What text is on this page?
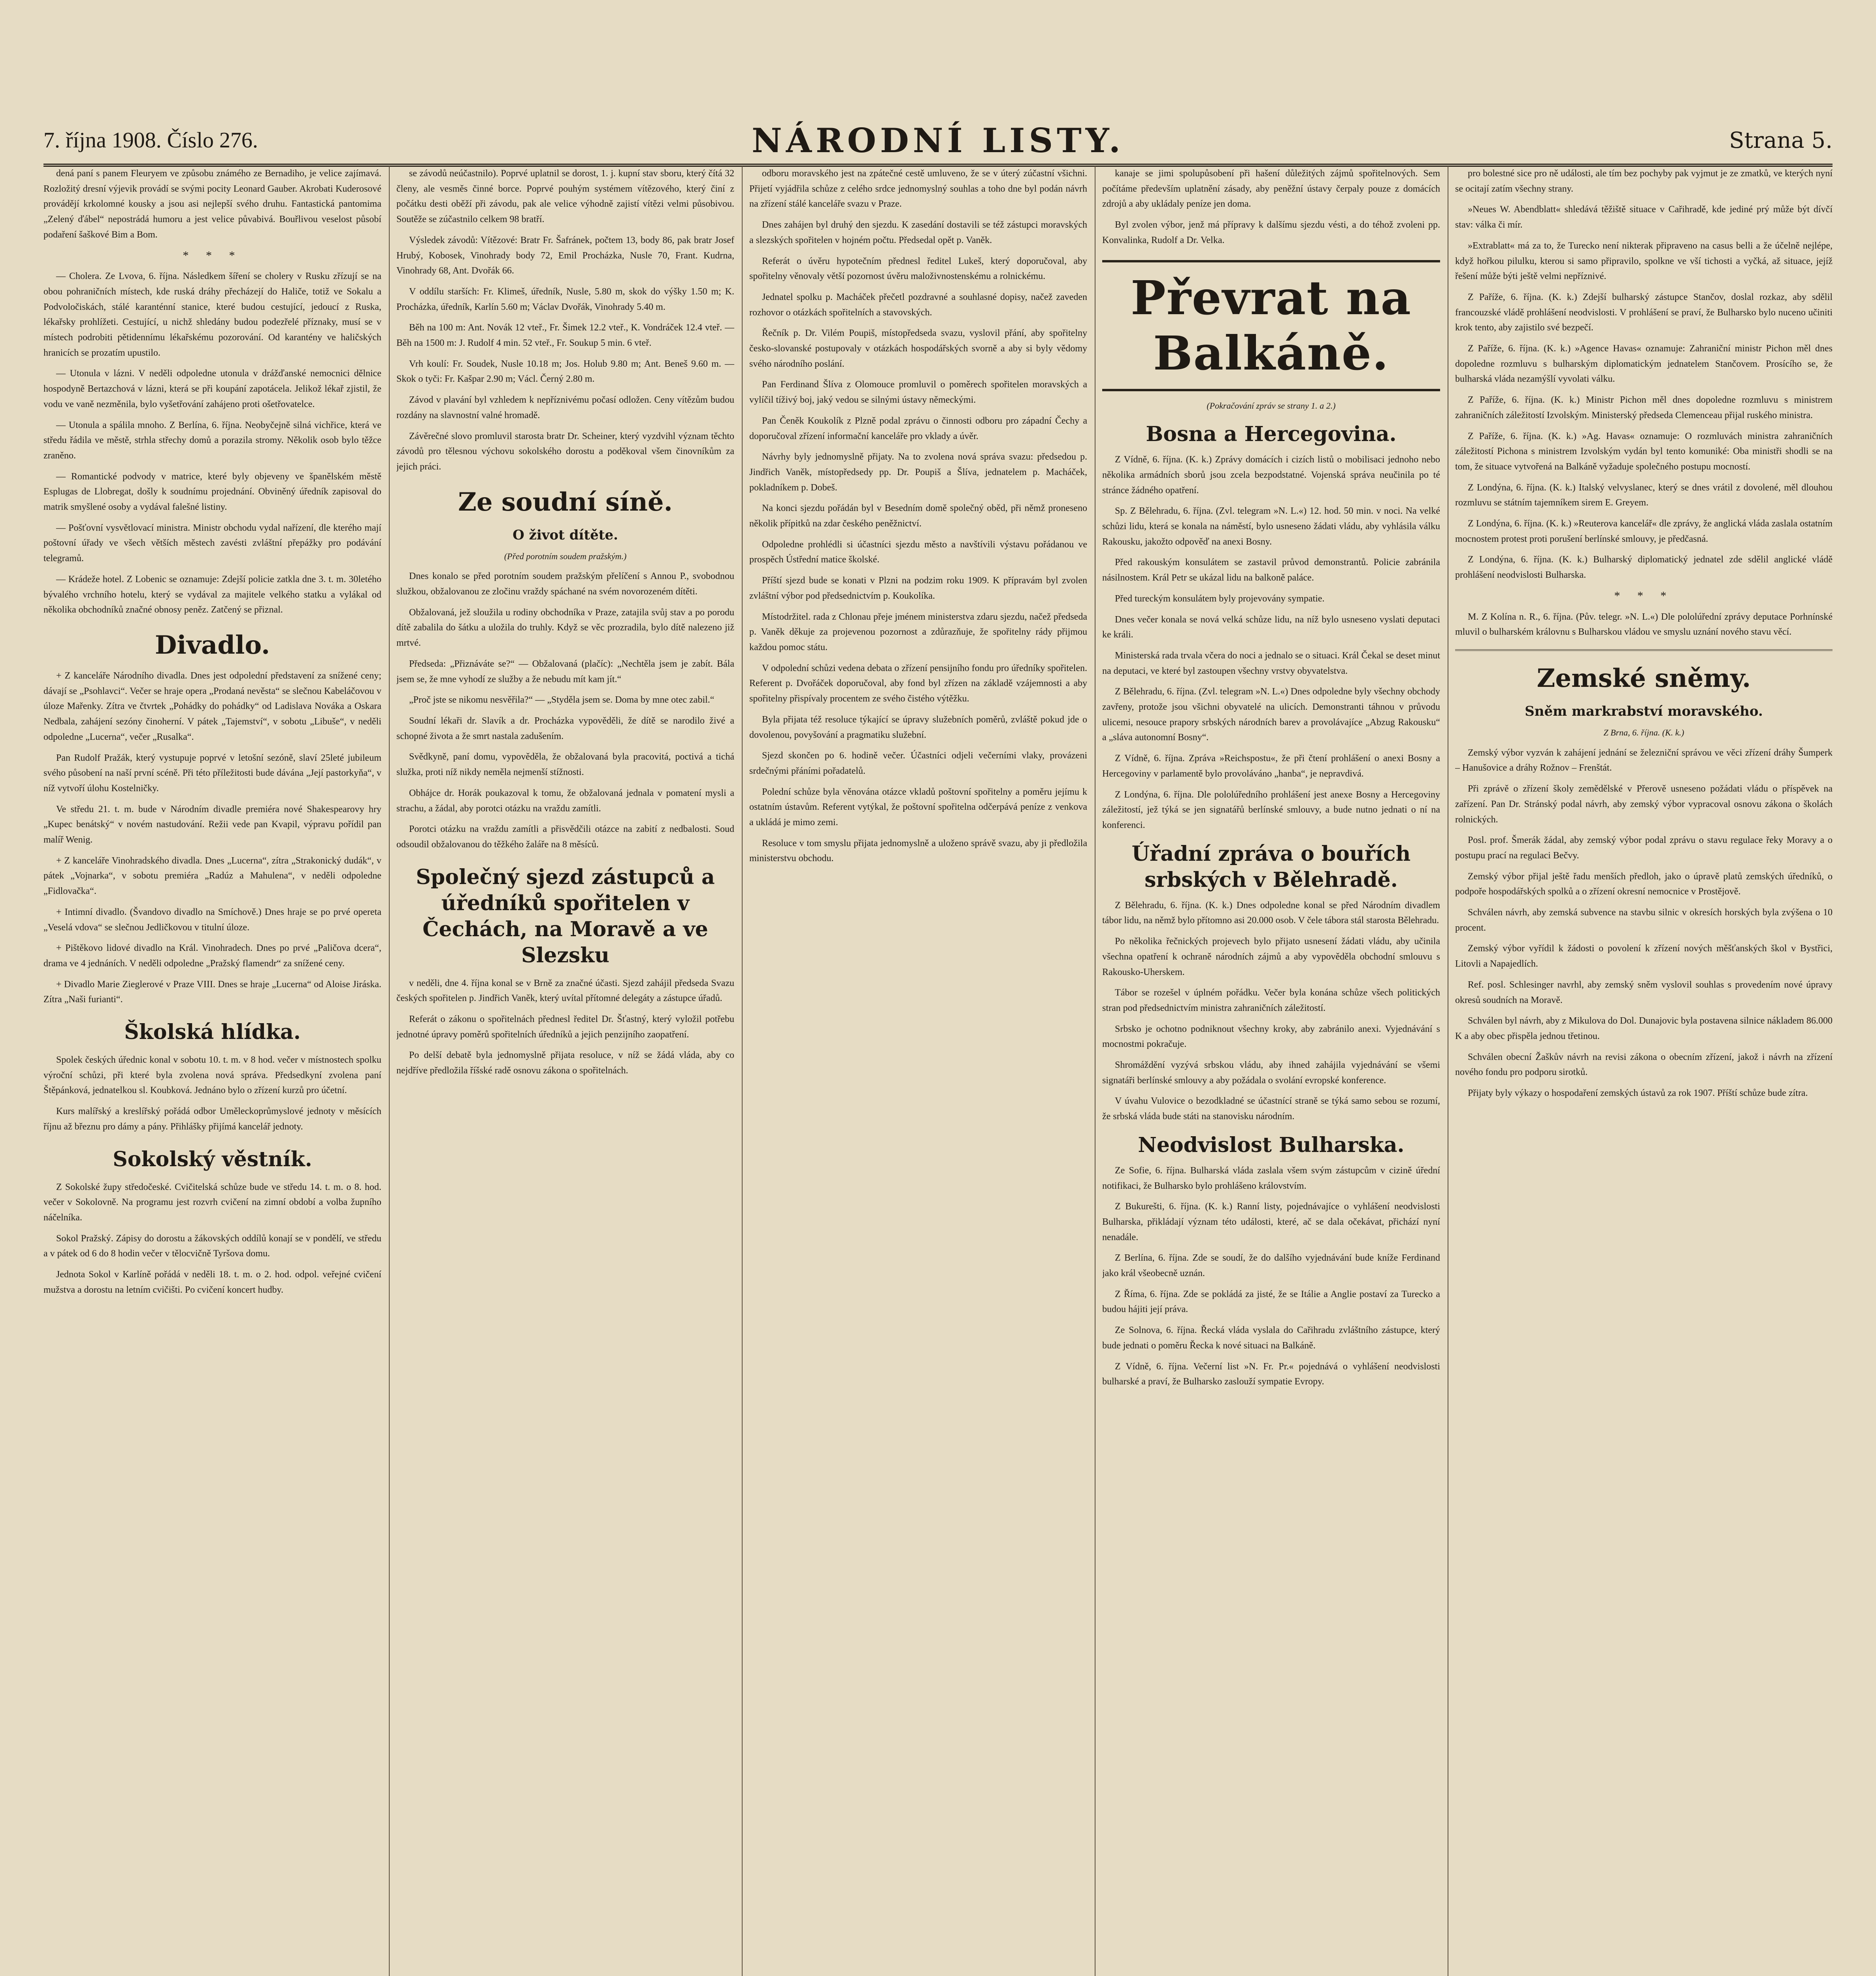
7. října 1908. Číslo 276.	NÁRODNÍ LISTY.	Strana 5.

dená paní s panem Fleuryem ve způsobu známého ze Bernadiho, je velice zajímavá. Rozložitý dresní výjevik provádí se svými pocity Leonard Gauber. Akrobati Kuderosové provádějí krkolomné kousky a jsou asi nejlepší svého druhu. Fantastická pantomima „Zelený ďábel“ nepostrádá humoru a jest velice půvabivá. Bouřlivou veselost působí podaření šaškové Bim a Bom.

* * *

— Cholera. Ze Lvova, 6. října. Následkem šíření se cholery v Rusku zřízují se na obou pohraničních místech, kde ruská dráhy přecházejí do Haliče, totiž ve Sokalu a Podvoločiskách, stálé karanténní stanice, které budou cestující, jedoucí z Ruska, lékařsky prohlížeti. Cestující, u nichž shledány budou podezřelé příznaky, musí se v místech podrobiti pětidennímu lékařskému pozorování. Od karantény ve haličských hranicích se prozatím upustilo.

— Utonula v lázni. V neděli odpoledne utonula v drážďanské nemocnici dělnice hospodyně Bertazchová v lázni, která se při koupání zapotácela. Jelikož lékař zjistil, že vodu ve vaně nezměnila, bylo vyšetřování zahájeno proti ošetřovatelce.

— Utonula a spálila mnoho. Z Berlína, 6. října. Neobyčejně silná vichřice, která ve středu řádila ve městě, strhla střechy domů a porazila stromy. Několik osob bylo těžce zraněno.

— Romantické podvody v matrice, které byly objeveny ve španělském městě Esplugas de Llobregat, došly k soudnímu projednání. Obviněný úředník zapisoval do matrik smyšlené osoby a vydával falešné listiny.

— Pošťovní vysvětlovací ministra. Ministr obchodu vydal nařízení, dle kterého mají poštovní úřady ve všech větších městech zavésti zvláštní přepážky pro podávání telegramů.

— Krádeže hotel. Z Lobenic se oznamuje: Zdejší policie zatkla dne 3. t. m. 30letého bývalého vrchního hotelu, který se vydával za majitele velkého statku a vylákal od několika obchodníků značné obnosy peněz. Zatčený se přiznal.

Divadlo.

+ Z kanceláře Národního divadla. Dnes jest odpolední představení za snížené ceny; dávají se „Psohlavci“. Večer se hraje opera „Prodaná nevěsta“ se slečnou Kabeláčovou v úloze Mařenky. Zítra ve čtvrtek „Pohádky do pohádky“ od Ladislava Nováka a Oskara Nedbala, zahájení sezóny činoherní. V pátek „Tajemství“, v sobotu „Libuše“, v neděli odpoledne „Lucerna“, večer „Rusalka“.

Pan Rudolf Pražák, který vystupuje poprvé v letošní sezóně, slaví 25leté jubileum svého působení na naší první scéně. Při této příležitosti bude dávána „Její pastorkyňa“, v níž vytvoří úlohu Kostelničky.

Ve středu 21. t. m. bude v Národním divadle premiéra nové Shakespearovy hry „Kupec benátský“ v novém nastudování. Režii vede pan Kvapil, výpravu pořídil pan malíř Wenig.

+ Z kanceláře Vinohradského divadla. Dnes „Lucerna“, zítra „Strakonický dudák“, v pátek „Vojnarka“, v sobotu premiéra „Radúz a Mahulena“, v neděli odpoledne „Fidlovačka“.

+ Intimní divadlo. (Švandovo divadlo na Smíchově.) Dnes hraje se po prvé opereta „Veselá vdova“ se slečnou Jedličkovou v titulní úloze.

+ Pištěkovo lidové divadlo na Král. Vinohradech. Dnes po prvé „Paličova dcera“, drama ve 4 jednáních. V neděli odpoledne „Pražský flamendr“ za snížené ceny.

+ Divadlo Marie Zieglerové v Praze VIII. Dnes se hraje „Lucerna“ od Aloise Jiráska. Zítra „Naši furianti“.

Školská hlídka.

Spolek českých úřednic konal v sobotu 10. t. m. v 8 hod. večer v místnostech spolku výroční schůzi, při které byla zvolena nová správa. Předsedkyní zvolena paní Štěpánková, jednatelkou sl. Koubková. Jednáno bylo o zřízení kurzů pro účetní.

Kurs malířský a kreslířský pořádá odbor Uměleckoprůmyslové jednoty v měsících říjnu až březnu pro dámy a pány. Přihlášky přijímá kancelář jednoty.

Sokolský věstník.

Z Sokolské župy středočeské. Cvičitelská schůze bude ve středu 14. t. m. o 8. hod. večer v Sokolovně. Na programu jest rozvrh cvičení na zimní období a volba župního náčelníka.

Sokol Pražský. Zápisy do dorostu a žákovských oddílů konají se v pondělí, ve středu a v pátek od 6 do 8 hodin večer v tělocvičně Tyršova domu.

Jednota Sokol v Karlíně pořádá v neděli 18. t. m. o 2. hod. odpol. veřejné cvičení mužstva a dorostu na letním cvičišti. Po cvičení koncert hudby.

se závodů neúčastnilo). Poprvé uplatnil se dorost, 1. j. kupní stav sboru, který čítá 32 členy, ale vesměs činné borce. Poprvé pouhým systémem vítězového, který činí z počátku desti oběží při závodu, pak ale velice výhodně zajistí vítězi velmi působivou. Soutěže se zúčastnilo celkem 98 bratří.

Výsledek závodů: Vítězové: Bratr Fr. Šafránek, počtem 13, body 86, pak bratr Josef Hrubý, Kobosek, Vinohrady body 72, Emil Procházka, Nusle 70, Frant. Kudrna, Vinohrady 68, Ant. Dvořák 66.

V oddílu starších: Fr. Klimeš, úředník, Nusle, 5.80 m, skok do výšky 1.50 m; K. Procházka, úředník, Karlín 5.60 m; Václav Dvořák, Vinohrady 5.40 m.

Běh na 100 m: Ant. Novák 12 vteř., Fr. Šimek 12.2 vteř., K. Vondráček 12.4 vteř. — Běh na 1500 m: J. Rudolf 4 min. 52 vteř., Fr. Soukup 5 min. 6 vteř.

Vrh koulí: Fr. Soudek, Nusle 10.18 m; Jos. Holub 9.80 m; Ant. Beneš 9.60 m. — Skok o tyči: Fr. Kašpar 2.90 m; Václ. Černý 2.80 m.

Závod v plavání byl vzhledem k nepříznivému počasí odložen. Ceny vítězům budou rozdány na slavnostní valné hromadě.

Závěrečné slovo promluvil starosta bratr Dr. Scheiner, který vyzdvihl význam těchto závodů pro tělesnou výchovu sokolského dorostu a poděkoval všem činovníkům za jejich práci.

Ze soudní síně.
O život dítěte.
(Před porotním soudem pražským.)

Dnes konalo se před porotním soudem pražským přelíčení s Annou P., svobodnou služkou, obžalovanou ze zločinu vraždy spáchané na svém novorozeném dítěti.

Obžalovaná, jež sloužila u rodiny obchodníka v Praze, zatajila svůj stav a po porodu dítě zabalila do šátku a uložila do truhly. Když se věc prozradila, bylo dítě nalezeno již mrtvé.

Předseda: „Přiznáváte se?“ — Obžalovaná (plačíc): „Nechtěla jsem je zabít. Bála jsem se, že mne vyhodí ze služby a že nebudu mít kam jít.“

„Proč jste se nikomu nesvěřila?“ — „Styděla jsem se. Doma by mne otec zabil.“

Soudní lékaři dr. Slavík a dr. Procházka vypověděli, že dítě se narodilo živé a schopné života a že smrt nastala zadušením.

Svědkyně, paní domu, vypověděla, že obžalovaná byla pracovitá, poctivá a tichá služka, proti níž nikdy neměla nejmenší stížnosti.

Obhájce dr. Horák poukazoval k tomu, že obžalovaná jednala v pomatení mysli a strachu, a žádal, aby porotci otázku na vraždu zamítli.

Porotci otázku na vraždu zamítli a přisvědčili otázce na zabití z nedbalosti. Soud odsoudil obžalovanou do těžkého žaláře na 8 měsíců.

Společný sjezd zástupců a úředníků spořitelen v Čechách, na Moravě a ve Slezsku

v neděli, dne 4. října konal se v Brně za značné účasti. Sjezd zahájil předseda Svazu českých spořitelen p. Jindřich Vaněk, který uvítal přítomné delegáty a zástupce úřadů.

Referát o zákonu o spořitelnách přednesl ředitel Dr. Šťastný, který vyložil potřebu jednotné úpravy poměrů spořitelních úředníků a jejich penzijního zaopatření.

Po delší debatě byla jednomyslně přijata resoluce, v níž se žádá vláda, aby co nejdříve předložila říšské radě osnovu zákona o spořitelnách.

odboru moravského jest na zpátečné cestě umluveno, že se v úterý zúčastní všichni. Přijetí vyjádřila schůze z celého srdce jednomyslný souhlas a toho dne byl podán návrh na zřízení stálé kanceláře svazu v Praze.

Dnes zahájen byl druhý den sjezdu. K zasedání dostavili se též zástupci moravských a slezských spořitelen v hojném počtu. Předsedal opět p. Vaněk.

Referát o úvěru hypotečním přednesl ředitel Lukeš, který doporučoval, aby spořitelny věnovaly větší pozornost úvěru maloživnostenskému a rolnickému.

Jednatel spolku p. Macháček přečetl pozdravné a souhlasné dopisy, načež zaveden rozhovor o otázkách spořitelních a stavovských.

Řečník p. Dr. Vilém Poupiš, místopředseda svazu, vyslovil přání, aby spořitelny česko-slovanské postupovaly v otázkách hospodářských svorně a aby si byly vědomy svého národního poslání.

Pan Ferdinand Šlíva z Olomouce promluvil o poměrech spořitelen moravských a vylíčil tíživý boj, jaký vedou se silnými ústavy německými.

Pan Čeněk Koukolík z Plzně podal zprávu o činnosti odboru pro západní Čechy a doporučoval zřízení informační kanceláře pro vklady a úvěr.

Návrhy byly jednomyslně přijaty. Na to zvolena nová správa svazu: předsedou p. Jindřich Vaněk, místopředsedy pp. Dr. Poupiš a Šlíva, jednatelem p. Macháček, pokladníkem p. Dobeš.

Na konci sjezdu pořádán byl v Besedním domě společný oběd, při němž proneseno několik přípitků na zdar českého peněžnictví.

Odpoledne prohlédli si účastníci sjezdu město a navštívili výstavu pořádanou ve prospěch Ústřední matice školské.

Příští sjezd bude se konati v Plzni na podzim roku 1909. K přípravám byl zvolen zvláštní výbor pod předsednictvím p. Koukolíka.

Místodržitel. rada z Chlonau přeje jménem ministerstva zdaru sjezdu, načež předseda p. Vaněk děkuje za projevenou pozornost a zdůrazňuje, že spořitelny rády přijmou každou pomoc státu.

V odpolední schůzi vedena debata o zřízení pensijního fondu pro úředníky spořitelen. Referent p. Dvořáček doporučoval, aby fond byl zřízen na základě vzájemnosti a aby spořitelny přispívaly procentem ze svého čistého výtěžku.

Byla přijata též resoluce týkající se úpravy služebních poměrů, zvláště pokud jde o dovolenou, povyšování a pragmatiku služební.

Sjezd skončen po 6. hodině večer. Účastníci odjeli večerními vlaky, provázeni srdečnými přáními pořadatelů.

Polední schůze byla věnována otázce vkladů poštovní spořitelny a poměru jejímu k ostatním ústavům. Referent vytýkal, že poštovní spořitelna odčerpává peníze z venkova a ukládá je mimo zemi.

Resoluce v tom smyslu přijata jednomyslně a uloženo správě svazu, aby ji předložila ministerstvu obchodu.

kanaje se jimi spolupůsobení při hašení důležitých zájmů spořitelnových. Sem počítáme především uplatnění zásady, aby peněžní ústavy čerpaly pouze z domácích zdrojů a aby ukládaly peníze jen doma.

Byl zvolen výbor, jenž má přípravy k dalšímu sjezdu vésti, a do téhož zvoleni pp. Konvalinka, Rudolf a Dr. Velka.

Převrat na Balkáně.
(Pokračování zpráv se strany 1. a 2.)
Bosna a Hercegovina.

Z Vídně, 6. října. (K. k.) Zprávy domácích i cizích listů o mobilisaci jednoho nebo několika armádních sborů jsou zcela bezpodstatné. Vojenská správa neučinila po té stránce žádného opatření.

Sp. Z Bělehradu, 6. října. (Zvl. telegram »N. L.«) 12. hod. 50 min. v noci. Na velké schůzi lidu, která se konala na náměstí, bylo usneseno žádati vládu, aby vyhlásila válku Rakousku, jakožto odpověď na anexi Bosny.

Před rakouským konsulátem se zastavil průvod demonstrantů. Policie zabránila násilnostem. Král Petr se ukázal lidu na balkoně paláce.

Před tureckým konsulátem byly projevovány sympatie.

Dnes večer konala se nová velká schůze lidu, na níž bylo usneseno vyslati deputaci ke králi.

Ministerská rada trvala včera do noci a jednalo se o situaci. Král Čekal se deset minut na deputaci, ve které byl zastoupen všechny vrstvy obyvatelstva.

Z Bělehradu, 6. října. (Zvl. telegram »N. L.«) Dnes odpoledne byly všechny obchody zavřeny, protože jsou všichni obyvatelé na ulicích. Demonstranti táhnou v průvodu ulicemi, nesouce prapory srbských národních barev a provolávajíce „Abzug Rakousku“ a „sláva autonomní Bosny“.

Z Vídně, 6. října. Zpráva »Reichspostu«, že při čtení prohlášení o anexi Bosny a Hercegoviny v parlamentě bylo provoláváno „hanba“, je nepravdivá.

Z Londýna, 6. října. Dle pololúředního prohlášení jest anexe Bosny a Hercegoviny záležitostí, jež týká se jen signatářů berlínské smlouvy, a bude nutno jednati o ní na konferenci.

Úřadní zpráva o bouřích srbských v Bělehradě.

Z Bělehradu, 6. října. (K. k.) Dnes odpoledne konal se před Národním divadlem tábor lidu, na němž bylo přítomno asi 20.000 osob. V čele tábora stál starosta Bělehradu.

Po několika řečnických projevech bylo přijato usnesení žádati vládu, aby učinila všechna opatření k ochraně národních zájmů a aby vypověděla obchodní smlouvu s Rakousko-Uherskem.

Tábor se rozešel v úplném pořádku. Večer byla konána schůze všech politických stran pod předsednictvím ministra zahraničních záležitostí.

Srbsko je ochotno podniknout všechny kroky, aby zabránilo anexi. Vyjednávání s mocnostmi pokračuje.

Shromáždění vyzývá srbskou vládu, aby ihned zahájila vyjednávání se všemi signatáři berlínské smlouvy a aby požádala o svolání evropské konference.

V úvahu Vulovice o bezodkladné se účastnící straně se týká samo sebou se rozumí, že srbská vláda bude státi na stanovisku národním.

Neodvislost Bulharska.

Ze Sofie, 6. října. Bulharská vláda zaslala všem svým zástupcům v cizině úřední notifikaci, že Bulharsko bylo prohlášeno královstvím.

Z Bukurešti, 6. října. (K. k.) Ranní listy, pojednávajíce o vyhlášení neodvislosti Bulharska, přikládají význam této události, které, ač se dala očekávat, přichází nyní nenadále.

Z Berlína, 6. října. Zde se soudí, že do dalšího vyjednávání bude kníže Ferdinand jako král všeobecně uznán.

Z Říma, 6. října. Zde se pokládá za jisté, že se Itálie a Anglie postaví za Turecko a budou hájiti její práva.

Ze Solnova, 6. října. Řecká vláda vyslala do Cařihradu zvláštního zástupce, který bude jednati o poměru Řecka k nové situaci na Balkáně.

Z Vídně, 6. října. Večerní list »N. Fr. Pr.« pojednává o vyhlášení neodvislosti bulharské a praví, že Bulharsko zaslouží sympatie Evropy.

pro bolestné sice pro ně události, ale tím bez pochyby pak vyjmut je ze zmatků, ve kterých nyní se ocitají zatím všechny strany.

»Neues W. Abendblatt« shledává těžiště situace v Cařihradě, kde jediné prý může být dívčí stav: válka či mír.

»Extrablatt« má za to, že Turecko není nikterak připraveno na casus belli a že účelně nejlépe, když hořkou pilulku, kterou si samo připravilo, spolkne ve vší tichosti a vyčká, až situace, jejíž řešení může býti ještě velmi nepříznivé.

Z Paříže, 6. října. (K. k.) Zdejší bulharský zástupce Stančov, doslal rozkaz, aby sdělil francouzské vládě prohlášení neodvislosti. V prohlášení se praví, že Bulharsko bylo nuceno učiniti krok tento, aby zajistilo své bezpečí.

Z Paříže, 6. října. (K. k.) »Agence Havas« oznamuje: Zahraniční ministr Pichon měl dnes dopoledne rozmluvu s bulharským diplomatickým jednatelem Stančovem. Prosícího se, že bulharská vláda nezamýšlí vyvolati válku.

Z Paříže, 6. října. (K. k.) Ministr Pichon měl dnes dopoledne rozmluvu s ministrem zahraničních záležitostí Izvolským. Ministerský předseda Clemenceau přijal ruského ministra.

Z Paříže, 6. října. (K. k.) »Ag. Havas« oznamuje: O rozmluvách ministra zahraničních záležitostí Pichona s ministrem Izvolským vydán byl tento komuniké: Oba ministři shodli se na tom, že situace vytvořená na Balkáně vyžaduje společného postupu mocností.

Z Londýna, 6. října. (K. k.) Italský velvyslanec, který se dnes vrátil z dovolené, měl dlouhou rozmluvu se státním tajemníkem sirem E. Greyem.

Z Londýna, 6. října. (K. k.) »Reuterova kancelář« dle zprávy, že anglická vláda zaslala ostatním mocnostem protest proti porušení berlínské smlouvy, je předčasná.

Z Londýna, 6. října. (K. k.) Bulharský diplomatický jednatel zde sdělil anglické vládě prohlášení neodvislosti Bulharska.

* * *

M. Z Kolína n. R., 6. října. (Pův. telegr. »N. L.«) Dle pololúřední zprávy deputace Porhnínské mluvil o bulharském královnu s Bulharskou vládou ve smyslu uznání nového stavu věcí.

Zemské sněmy.
Sněm markrabství moravského.
Z Brna, 6. října. (K. k.)

Zemský výbor vyzván k zahájení jednání se železniční správou ve věci zřízení dráhy Šumperk – Hanušovice a dráhy Rožnov – Frenštát.

Při zprávě o zřízení školy zemědělské v Přerově usneseno požádati vládu o příspěvek na zařízení. Pan Dr. Stránský podal návrh, aby zemský výbor vypracoval osnovu zákona o školách rolnických.

Posl. prof. Šmerák žádal, aby zemský výbor podal zprávu o stavu regulace řeky Moravy a o postupu prací na regulaci Bečvy.

Zemský výbor přijal ještě řadu menších předloh, jako o úpravě platů zemských úředníků, o podpoře hospodářských spolků a o zřízení okresní nemocnice v Prostějově.

Schválen návrh, aby zemská subvence na stavbu silnic v okresích horských byla zvýšena o 10 procent.

Zemský výbor vyřídil k žádosti o povolení k zřízení nových měšťanských škol v Bystřici, Litovli a Napajedlích.

Ref. posl. Schlesinger navrhl, aby zemský sněm vyslovil souhlas s provedením nové úpravy okresů soudních na Moravě.

Schválen byl návrh, aby z Mikulova do Dol. Dunajovic byla postavena silnice nákladem 86.000 K a aby obec přispěla jednou třetinou.

Schválen obecní Žaškův návrh na revisi zákona o obecním zřízení, jakož i návrh na zřízení nového fondu pro podporu sirotků.

Přijaty byly výkazy o hospodaření zemských ústavů za rok 1907. Příští schůze bude zítra.
